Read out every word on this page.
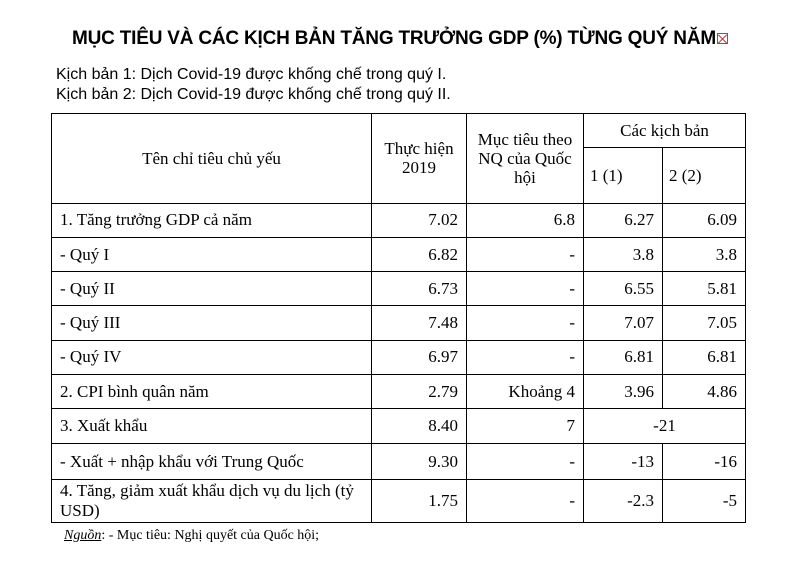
MỤC TIÊU VÀ CÁC KỊCH BẢN TĂNG TRƯỞNG GDP (%) TỪNG QUÝ NĂM
Kịch bản 1: Dịch Covid-19 được khống chế trong quý I.
Kịch bản 2: Dịch Covid-19 được khống chế trong quý II.
Tên chỉ tiêu chủ yếu	Thực hiện 2019	Mục tiêu theo NQ của Quốc hội	Các kịch bản	
			1 (1)	2 (2)
1. Tăng trưởng GDP cả năm	7.02	6.8	6.27	6.09
- Quý I	6.82	-	3.8	3.8
- Quý II	6.73	-	6.55	5.81
- Quý III	7.48	-	7.07	7.05
- Quý IV	6.97	-	6.81	6.81
2. CPI bình quân năm	2.79	Khoảng 4	3.96	4.86
3. Xuất khẩu	8.40	7	-21	
- Xuất + nhập khẩu với Trung Quốc	9.30	-	-13	-16
4. Tăng, giảm xuất khẩu dịch vụ du lịch (tỷ USD)	1.75	-	-2.3	-5
Nguồn: - Mục tiêu: Nghị quyết của Quốc hội;
